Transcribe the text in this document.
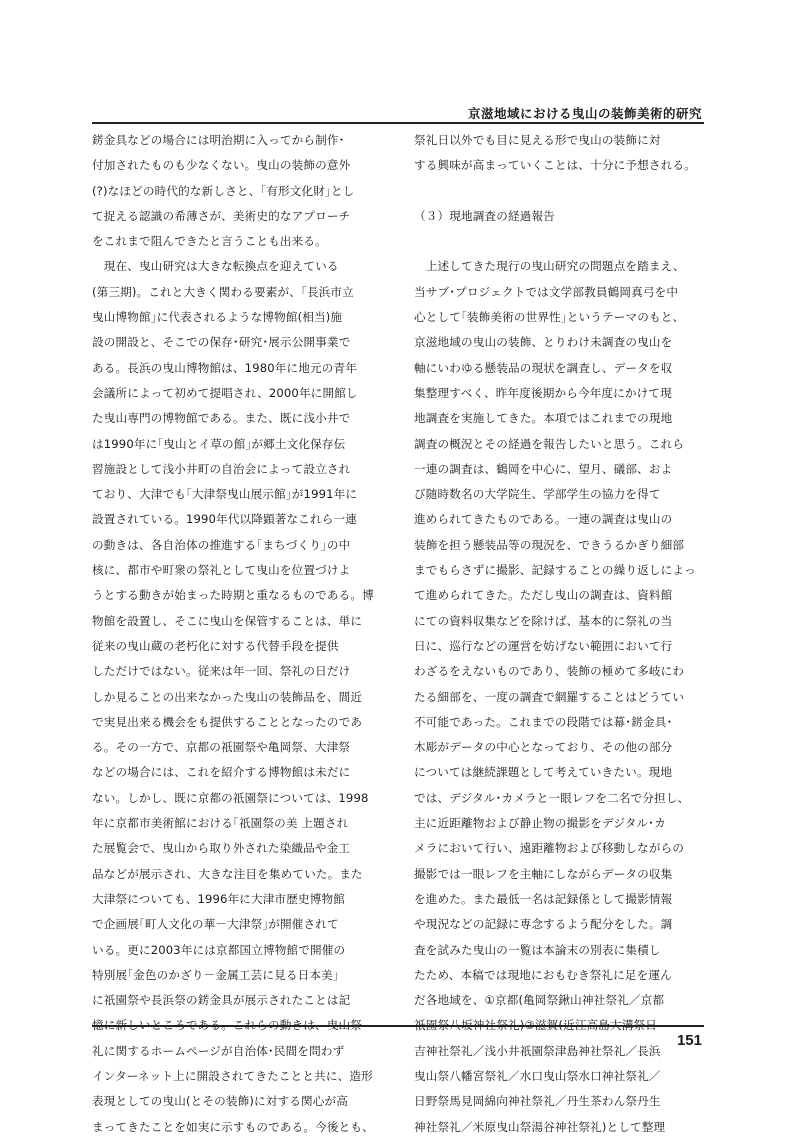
京滋地域における曳山の装飾美術的研究
錺金具などの場合には明治期に入ってから制作･
付加されたものも少なくない。曳山の装飾の意外
(?)なほどの時代的な新しさと、｢有形文化財｣とし
て捉える認識の希薄さが、美術史的なアプローチ
をこれまで阻んできたと言うことも出来る。
　現在、曳山研究は大きな転換点を迎えている
(第三期)。これと大きく関わる要素が、｢長浜市立
曳山博物館｣に代表されるような博物館(相当)施
設の開設と、そこでの保存･研究･展示公開事業で
ある。長浜の曳山博物館は、1980年に地元の青年
会議所によって初めて提唱され、2000年に開館し
た曳山専門の博物館である。また、既に浅小井で
は1990年に｢曳山とイ草の館｣が郷土文化保存伝
習施設として浅小井町の自治会によって設立され
ており、大津でも｢大津祭曳山展示館｣が1991年に
設置されている。1990年代以降顕著なこれら一連
の動きは、各自治体の推進する｢まちづくり｣の中
核に、都市や町衆の祭礼として曳山を位置づけよ
うとする動きが始まった時期と重なるものである。博
物館を設置し、そこに曳山を保管することは、単に
従来の曳山蔵の老朽化に対する代替手段を提供
しただけではない。従来は年一回、祭礼の日だけ
しか見ることの出来なかった曳山の装飾品を、間近
で実見出来る機会をも提供することとなったのであ
る。その一方で、京都の祇園祭や亀岡祭、大津祭
などの場合には、これを紹介する博物館は未だに
ない。しかし、既に京都の祇園祭については、1998
年に京都市美術館における｢祇園祭の美 上題され
た展覧会で、曳山から取り外された染織品や金工
品などが展示され、大きな注目を集めていた。また
大津祭についても、1996年に大津市歴史博物館
で企画展｢町人文化の華－大津祭｣が開催されて
いる。更に2003年には京都国立博物館で開催の
特別展｢金色のかざり－金属工芸に見る日本美｣
に祇園祭や長浜祭の錺金具が展示されたことは記
憶に新しいところである。これらの動きは、曳山祭
礼に関するホームページが自治体･民間を問わず
インターネット上に開設されてきたことと共に、造形
表現としての曳山(とその装飾)に対する関心が高
まってきたことを如実に示すものである。今後とも、
祭礼日以外でも目に見える形で曳山の装飾に対
する興味が高まっていくことは、十分に予想される。
（３）現地調査の経過報告
　上述してきた現行の曳山研究の問題点を踏まえ、
当サブ･プロジェクトでは文学部教員鶴岡真弓を中
心として｢装飾美術の世界性｣というテーマのもと、
京滋地域の曳山の装飾、とりわけ未調査の曳山を
軸にいわゆる懸装品の現状を調査し、データを収
集整理すべく、昨年度後期から今年度にかけて現
地調査を実施してきた。本項ではこれまでの現地
調査の概況とその経過を報告したいと思う。これら
一連の調査は、鶴岡を中心に、望月、礒部、およ
び随時数名の大学院生、学部学生の協力を得て
進められてきたものである。一連の調査は曳山の
装飾を担う懸装品等の現況を、できうるかぎり細部
までもらさずに撮影、記録することの繰り返しによっ
て進められてきた。ただし曳山の調査は、資料館
にての資料収集などを除けば、基本的に祭礼の当
日に、巡行などの運営を妨げない範囲において行
わざるをえないものであり、装飾の極めて多岐にわ
たる細部を、一度の調査で網羅することはどうてい
不可能であった。これまでの段階では幕･錺金具･
木彫がデータの中心となっており、その他の部分
については継続課題として考えていきたい。現地
では、デジタル･カメラと一眼レフを二名で分担し、
主に近距離物および静止物の撮影をデジタル･カ
メラにおいて行い、遠距離物および移動しながらの
撮影では一眼レフを主軸にしながらデータの収集
を進めた。また最低一名は記録係として撮影情報
や現況などの記録に専念するよう配分をした。調
査を試みた曳山の一覧は本論末の別表に集積し
たため、本稿では現地におもむき祭礼に足を運ん
だ各地域を、①京都(亀岡祭鍬山神社祭礼／京都
祇園祭八坂神社祭礼)②滋賀(近江高島大溝祭日
吉神社祭礼／浅小井祇園祭津島神社祭礼／長浜
曳山祭八幡宮祭礼／水口曳山祭水口神社祭礼／
日野祭馬見岡綿向神社祭礼／丹生茶わん祭丹生
神社祭礼／米原曳山祭湯谷神社祭礼)として整理
151
